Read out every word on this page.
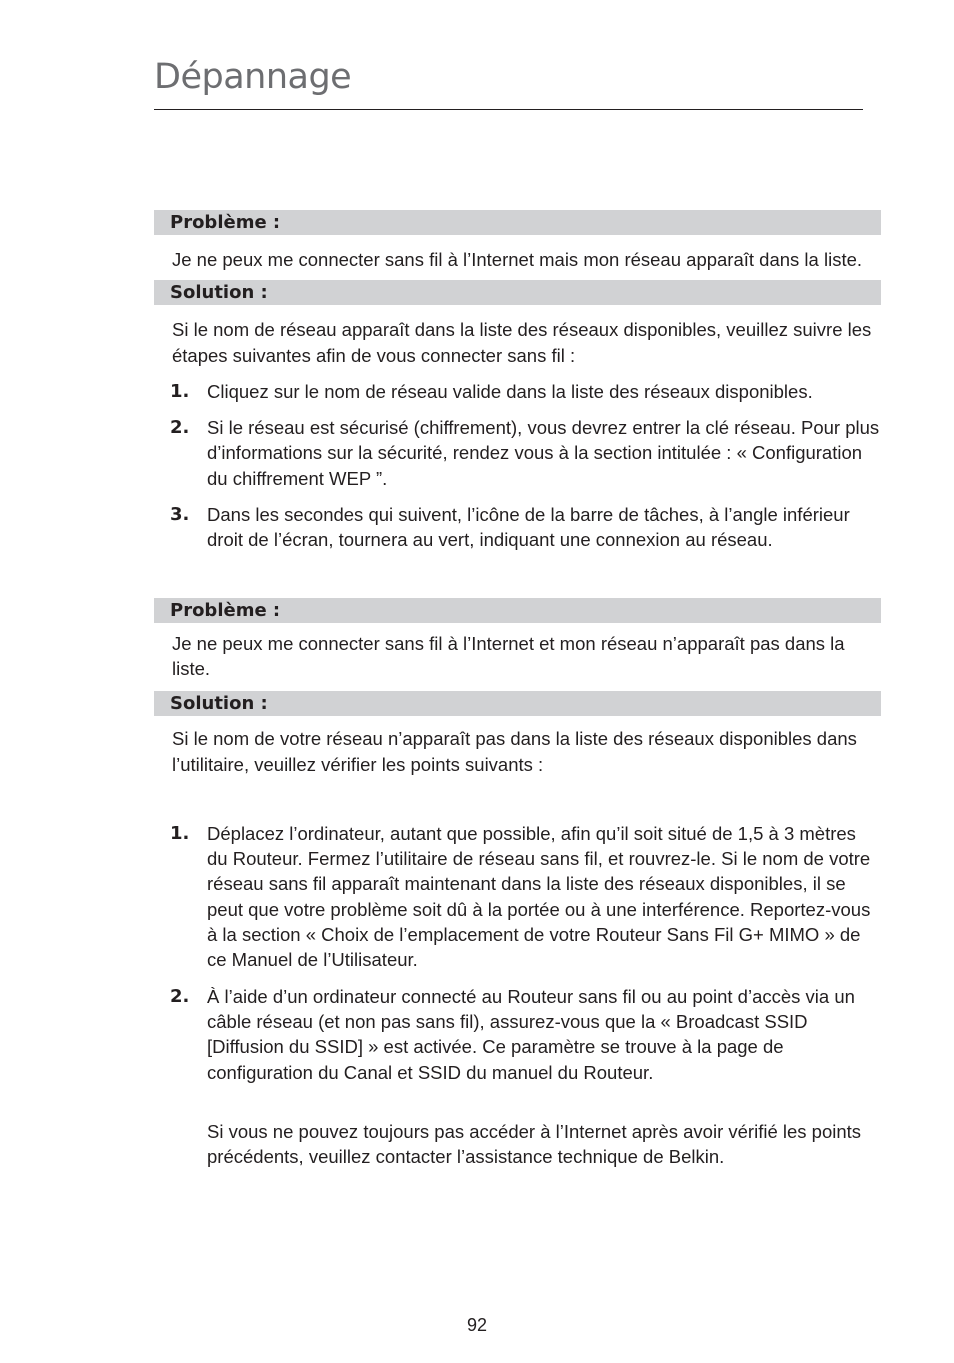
Dépannage
Problème :

Je ne peux me connecter sans fil à l’Internet mais mon réseau apparaît dans la liste.

Solution :

Si le nom de réseau apparaît dans la liste des réseaux disponibles, veuillez suivre les étapes suivantes afin de vous connecter sans fil :

1. Cliquez sur le nom de réseau valide dans la liste des réseaux disponibles.
2. Si le réseau est sécurisé (chiffrement), vous devrez entrer la clé réseau. Pour plus d’informations sur la sécurité, rendez vous à la section intitulée : « Configuration du chiffrement WEP ”.
3. Dans les secondes qui suivent, l’icône de la barre de tâches, à l’angle inférieur droit de l’écran, tournera au vert, indiquant une connexion au réseau.
Problème :

Je ne peux me connecter sans fil à l’Internet et mon réseau n’apparaît pas dans la liste.

Solution :

Si le nom de votre réseau n’apparaît pas dans la liste des réseaux disponibles dans l’utilitaire, veuillez vérifier les points suivants :

1. Déplacez l’ordinateur, autant que possible, afin qu’il soit situé de 1,5 à 3 mètres du Routeur. Fermez l’utilitaire de réseau sans fil, et rouvrez-le. Si le nom de votre réseau sans fil apparaît maintenant dans la liste des réseaux disponibles, il se peut que votre problème soit dû à la portée ou à une interférence. Reportez-vous à la section « Choix de l’emplacement de votre Routeur Sans Fil G+ MIMO » de ce Manuel de l’Utilisateur.
2. À l’aide d’un ordinateur connecté au Routeur sans fil ou au point d’accès via un câble réseau (et non pas sans fil), assurez-vous que la « Broadcast SSID [Diffusion du SSID] » est activée. Ce paramètre se trouve à la page de configuration du Canal et SSID du manuel du Routeur.

Si vous ne pouvez toujours pas accéder à l’Internet après avoir vérifié les points précédents, veuillez contacter l’assistance technique de Belkin.

92
